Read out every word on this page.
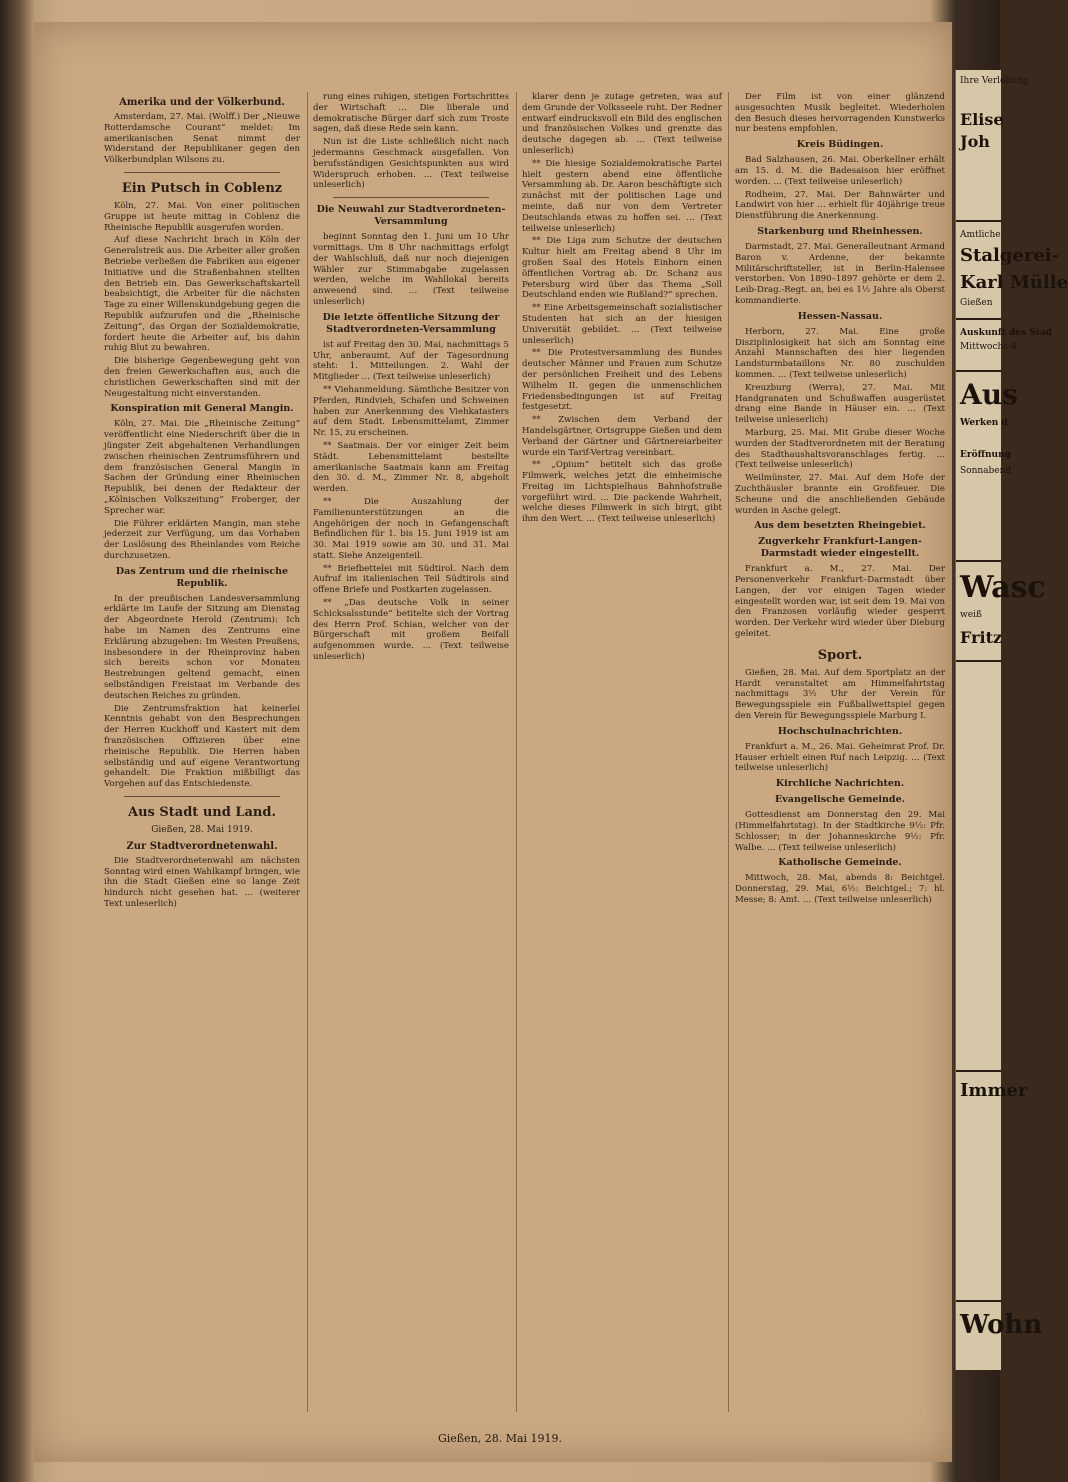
Amerika und der Völkerbund.

Amsterdam, 27. Mai. (Wolff.) Der „Nieuwe Rotterdamsche Courant“ meldet: Im amerikanischen Senat nimmt der Widerstand der Republikaner gegen den Völkerbundplan Wilsons zu.

Ein Putsch in Coblenz

Köln, 27. Mai. Von einer politischen Gruppe ist heute mittag in Coblenz die Rheinische Republik ausgerufen worden.

Auf diese Nachricht brach in Köln der Generalstreik aus. Die Arbeiter aller großen Betriebe verließen die Fabriken aus eigener Initiative und die Straßenbahnen stellten den Betrieb ein. Das Gewerkschaftskartell beabsichtigt, die Arbeiter für die nächsten Tage zu einer Willenskundgebung gegen die Republik aufzurufen und die „Rheinische Zeitung“, das Organ der Sozialdemokratie, fordert heute die Arbeiter auf, bis dahin ruhig Blut zu bewahren.

Die bisherige Gegenbewegung geht von den freien Gewerkschaften aus, auch die christlichen Gewerkschaften sind mit der Neugestaltung nicht einverstanden.

Konspiration mit General Mangin.

Köln, 27. Mai. Die „Rheinische Zeitung“ veröffentlicht eine Niederschrift über die in jüngster Zeit abgehaltenen Verhandlungen zwischen rheinischen Zentrumsführern und dem französischen General Mangin in Sachen der Gründung einer Rheinischen Republik, bei denen der Redakteur der „Kölnischen Volkszeitung“ Froberger, der Sprecher war.

Die Führer erklärten Mangin, man stehe jederzeit zur Verfügung, um das Vorhaben der Loslösung des Rheinlandes vom Reiche durchzusetzen.

Das Zentrum und die rheinische Republik.

In der preußischen Landesversammlung erklärte im Laufe der Sitzung am Dienstag der Abgeordnete Herold (Zentrum): Ich habe im Namen des Zentrums eine Erklärung abzugeben: Im Westen Preußens, insbesondere in der Rheinprovinz haben sich bereits schon vor Monaten Bestrebungen geltend gemacht, einen selbständigen Freistaat im Verbande des deutschen Reiches zu gründen.

Die Zentrumsfraktion hat keinerlei Kenntnis gehabt von den Besprechungen der Herren Kuckhoff und Kastert mit dem französischen Offizieren über eine rheinische Republik. Die Herren haben selbständig und auf eigene Verantwortung gehandelt. Die Fraktion mißbilligt das Vorgehen auf das Entschiedenste.

Aus Stadt und Land.
Gießen, 28. Mai 1919.
Zur Stadtverordnetenwahl.

Die Stadtverordnetenwahl am nächsten Sonntag wird einen Wahlkampf bringen, wie ihn die Stadt Gießen eine so lange Zeit hindurch nicht gesehen hat. … (weiterer Text unleserlich)

rung eines ruhigen, stetigen Fortschrittes der Wirtschaft … Die liberale und demokratische Bürger darf sich zum Troste sagen, daß diese Rede sein kann.

Nun ist die Liste schließlich nicht nach jedermanns Geschmack ausgefallen. Von berufsständigen Gesichtspunkten aus wird Widerspruch erhoben. … (Text teilweise unleserlich)

Die Neuwahl zur Stadtverordneten-Versammlung

beginnt Sonntag den 1. Juni um 10 Uhr vormittags. Um 8 Uhr nachmittags erfolgt der Wahlschluß, daß nur noch diejenigen Wähler zur Stimmabgabe zugelassen werden, welche im Wahllokal bereits anwesend sind. … (Text teilweise unleserlich)

Die letzte öffentliche Sitzung der Stadtverordneten-Versammlung

ist auf Freitag den 30. Mai, nachmittags 5 Uhr, anberaumt. Auf der Tagesordnung steht: 1. Mitteilungen. 2. Wahl der Mitglieder … (Text teilweise unleserlich)

** Viehanmeldung. Sämtliche Besitzer von Pferden, Rindvieh, Schafen und Schweinen haben zur Anerkennung des Viehkatasters auf dem Stadt. Lebensmittelamt, Zimmer Nr. 15, zu erscheinen.

** Saatmais. Der vor einiger Zeit beim Städt. Lebensmittelamt bestellte amerikanische Saatmais kann am Freitag den 30. d. M., Zimmer Nr. 8, abgeholt werden.

** Die Auszahlung der Familienunterstützungen an die Angehörigen der noch in Gefangenschaft Befindlichen für 1. bis 15. Juni 1919 ist am 30. Mai 1919 sowie am 30. und 31. Mai statt. Siehe Anzeigenteil.

** Briefbettelei mit Südtirol. Nach dem Aufruf im italienischen Teil Südtirols sind offene Briefe und Postkarten zugelassen.

** „Das deutsche Volk in seiner Schicksalsstunde“ betitelte sich der Vortrag des Herrn Prof. Schian, welcher von der Bürgerschaft mit großem Beifall aufgenommen wurde. … (Text teilweise unleserlich)

klarer denn je zutage getreten, was auf dem Grunde der Volksseele ruht. Der Redner entwarf eindrucksvoll ein Bild des englischen und französischen Volkes und grenzte das deutsche dagegen ab. … (Text teilweise unleserlich)

** Die hiesige Sozialdemokratische Partei hielt gestern abend eine öffentliche Versammlung ab. Dr. Aaron beschäftigte sich zunächst mit der politischen Lage und meinte, daß nur von dem Vertreter Deutschlands etwas zu hoffen sei. … (Text teilweise unleserlich)

** Die Liga zum Schutze der deutschen Kultur hielt am Freitag abend 8 Uhr im großen Saal des Hotels Einhorn einen öffentlichen Vortrag ab. Dr. Schanz aus Petersburg wird über das Thema „Soll Deutschland enden wie Rußland?“ sprechen.

** Eine Arbeitsgemeinschaft sozialistischer Studenten hat sich an der hiesigen Universität gebildet. … (Text teilweise unleserlich)

** Die Protestversammlung des Bundes deutscher Männer und Frauen zum Schutze der persönlichen Freiheit und des Lebens Wilhelm II. gegen die unmenschlichen Friedensbedingungen ist auf Freitag festgesetzt.

** Zwischen dem Verband der Handelsgärtner, Ortsgruppe Gießen und dem Verband der Gärtner und Gärtnereiarbeiter wurde ein Tarif-Vertrag vereinbart.

** „Opium“ betitelt sich das große Filmwerk, welches jetzt die einheimische Freitag im Lichtspielhaus Bahnhofstraße vorgeführt wird. … Die packende Wahrheit, welche dieses Filmwerk in sich birgt, gibt ihm den Wert. … (Text teilweise unleserlich)

Der Film ist von einer glänzend ausgesuchten Musik begleitet. Wiederholen den Besuch dieses hervorragenden Kunstwerks nur bestens empfohlen.

Kreis Büdingen.

Bad Salzhausen, 26. Mai. Oberkellner erhält am 15. d. M. die Badesaison hier eröffnet worden. … (Text teilweise unleserlich)

Rodheim, 27. Mai. Der Bahnwärter und Landwirt von hier … erhielt für 40jährige treue Dienstführung die Anerkennung.

Starkenburg und Rheinhessen.

Darmstadt, 27. Mai. Generalleutnant Armand Baron v. Ardenne, der bekannte Militärschriftsteller, ist in Berlin-Halensee verstorben. Von 1890–1897 gehörte er dem 2. Leib-Drag.-Regt. an, bei es 1½ Jahre als Oberst kommandierte.

Hessen-Nassau.

Herborn, 27. Mai. Eine große Disziplinlosigkeit hat sich am Sonntag eine Anzahl Mannschaften des hier liegenden Landsturmbataillons Nr. 80 zuschulden kommen. … (Text teilweise unleserlich)

Kreuzburg (Werra), 27. Mai. Mit Handgranaten und Schußwaffen ausgerüstet drang eine Bande in Häuser ein. … (Text teilweise unleserlich)

Marburg, 25. Mai. Mit Grube dieser Woche wurden der Stadtverordneten mit der Beratung des Stadthaushaltsvoranschlages fertig. … (Text teilweise unleserlich)

Weilmünster, 27. Mai. Auf dem Hofe der Zuchthäusler brannte ein Großfeuer. Die Scheune und die anschließenden Gebäude wurden in Asche gelegt.

Aus dem besetzten Rheingebiet.
Zugverkehr Frankfurt-Langen-Darmstadt wieder eingestellt.

Frankfurt a. M., 27. Mai. Der Personenverkehr Frankfurt–Darmstadt über Langen, der vor einigen Tagen wieder eingestellt worden war, ist seit dem 19. Mai von den Franzosen vorläufig wieder gesperrt worden. Der Verkehr wird wieder über Dieburg geleitet.

Sport.

Gießen, 28. Mai. Auf dem Sportplatz an der Hardt veranstaltet am Himmelfahrtstag nachmittags 3½ Uhr der Verein für Bewegungsspiele ein Fußballwettspiel gegen den Verein für Bewegungsspiele Marburg I.

Hochschulnachrichten.

Frankfurt a. M., 26. Mai. Geheimrat Prof. Dr. Hauser erhielt einen Ruf nach Leipzig. … (Text teilweise unleserlich)

Kirchliche Nachrichten.
Evangelische Gemeinde.

Gottesdienst am Donnerstag den 29. Mai (Himmelfahrtstag). In der Stadtkirche 9½: Pfr. Schlosser; in der Johanneskirche 9½: Pfr. Walbe. … (Text teilweise unleserlich)

Katholische Gemeinde.

Mittwoch, 28. Mai, abends 8: Beichtgel. Donnerstag, 29. Mai, 6½: Beichtgel.; 7: hl. Messe; 8: Amt. … (Text teilweise unleserlich)

Ihre Verlobung
Elise
Joh
Amtliche
Stalgerei-
Karl Mülle
Gießen
Auskunft des Stad
Mittwochs 4
Aus
Werken d
Eröffnung
Sonnabend
Wasc
weiß
Fritz
Immer
Wohn
Gießen, 28. Mai 1919.
